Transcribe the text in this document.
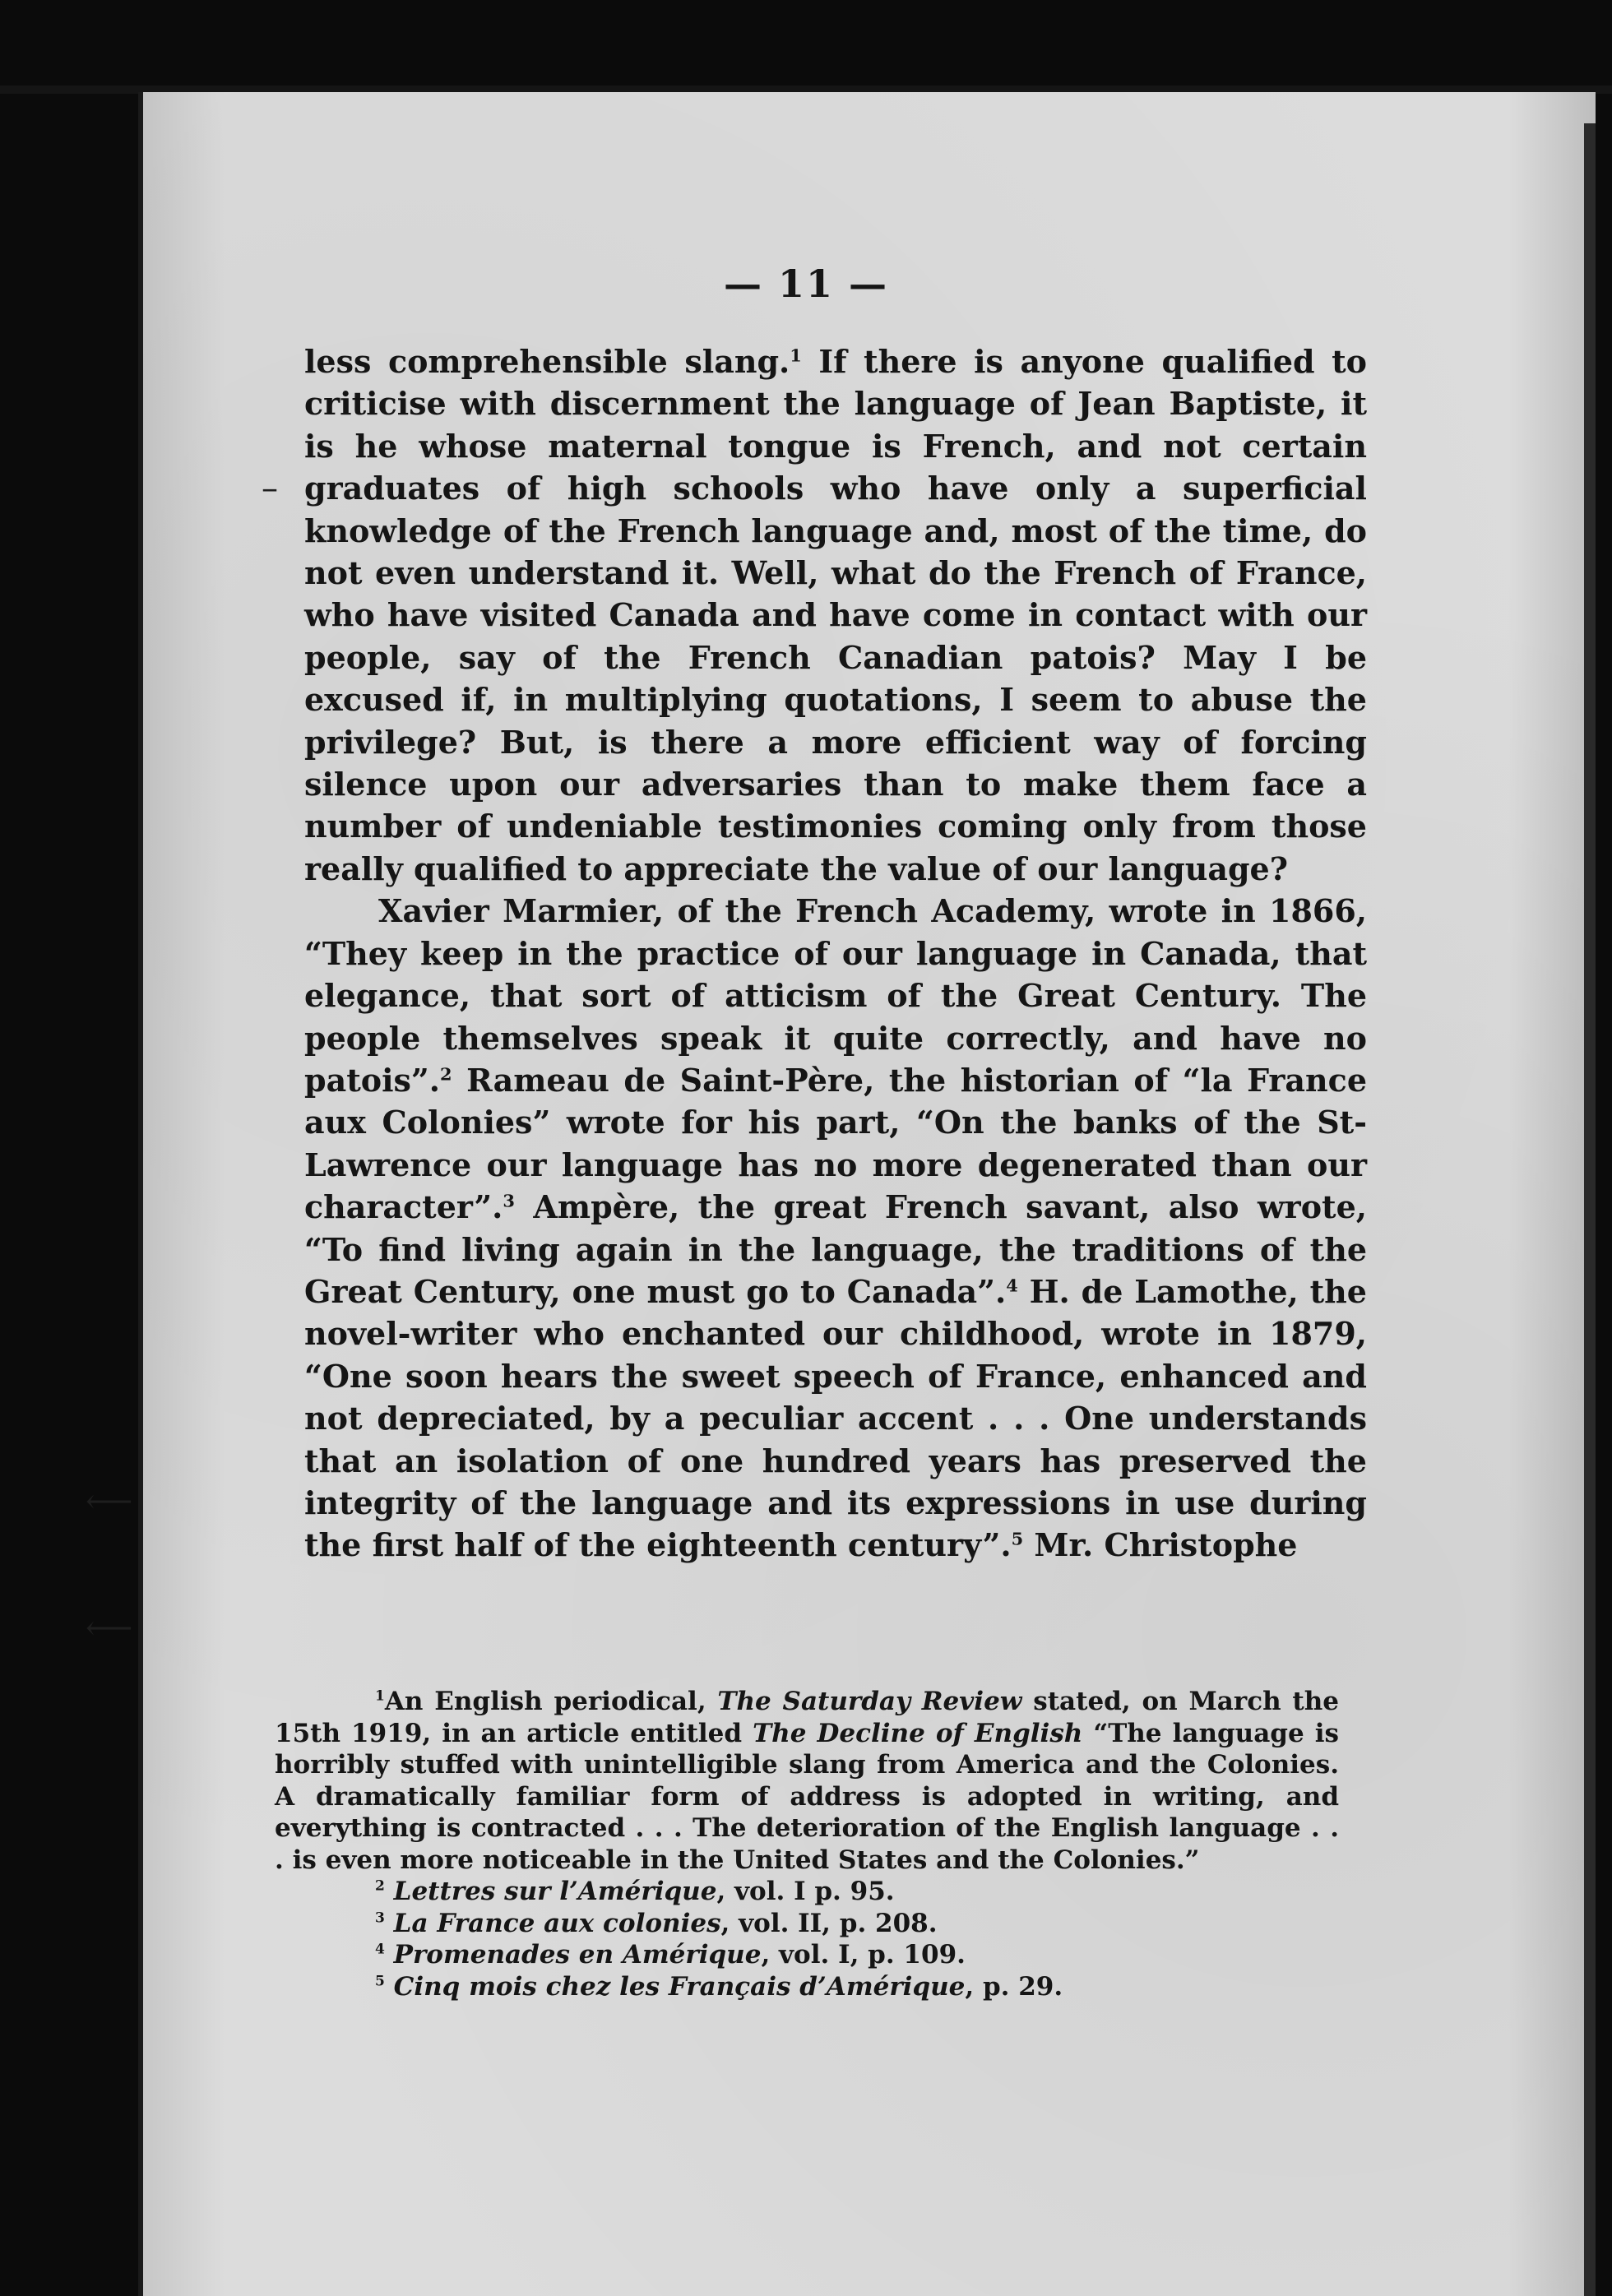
–
⟵
⟵
— 11 —

less comprehensible slang.$^1$ If there is anyone qualified to criticise with discernment the language of Jean Baptiste, it is he whose maternal tongue is French, and not certain graduates of high schools who have only a superficial knowledge of the French language and, most of the time, do not even understand it. Well, what do the French of France, who have visited Canada and have come in contact with our people, say of the French Canadian patois? May I be excused if, in multiplying quotations, I seem to abuse the privilege? But, is there a more efficient way of forcing silence upon our adversaries than to make them face a number of undeniable testimonies coming only from those really qualified to appreciate the value of our language?

Xavier Marmier, of the French Academy, wrote in 1866, “They keep in the practice of our language in Canada, that elegance, that sort of atticism of the Great Century. The people themselves speak it quite correctly, and have no patois”.$^2$ Rameau de Saint-Père, the historian of “la France aux Colonies” wrote for his part, “On the banks of the St-Lawrence our language has no more degenerated than our character”.$^3$ Ampère, the great French savant, also wrote, “To find living again in the language, the traditions of the Great Century, one must go to Canada”.$^4$ H. de Lamothe, the novel-writer who enchanted our childhood, wrote in 1879, “One soon hears the sweet speech of France, enhanced and not depreciated, by a peculiar accent . . . One understands that an isolation of one hundred years has preserved the integrity of the language and its expressions in use during the first half of the eighteenth century”.$^5$ Mr. Christophe

$^1$An English periodical, The Saturday Review stated, on March the 15th 1919, in an article entitled The Decline of English “The language is horribly stuffed with unintelligible slang from America and the Colonies. A dramatically familiar form of address is adopted in writing, and everything is contracted . . . The deterioration of the English language . . . is even more noticeable in the United States and the Colonies.”

$^2$ Lettres sur l’Amérique, vol. I p. 95.

$^3$ La France aux colonies, vol. II, p. 208.

$^4$ Promenades en Amérique, vol. I, p. 109.

$^5$ Cinq mois chez les Français d’Amérique, p. 29.
